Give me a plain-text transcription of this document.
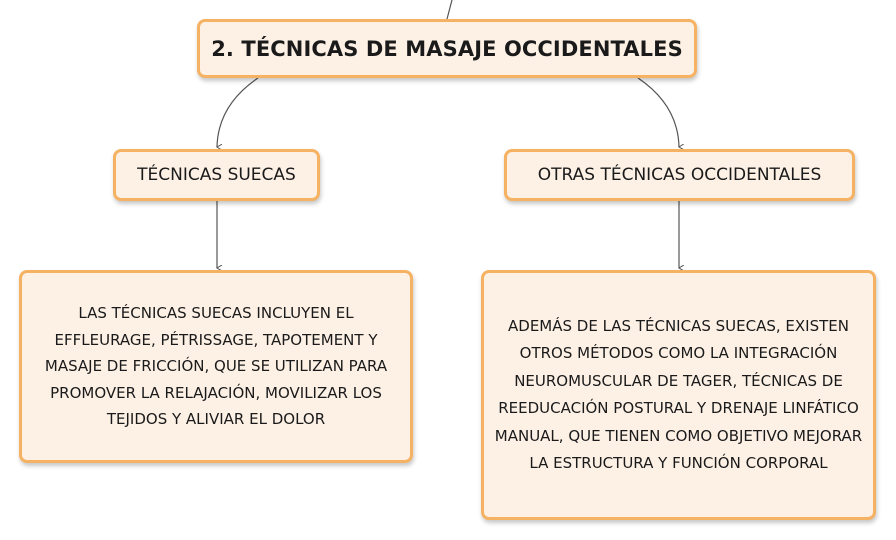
2. TÉCNICAS DE MASAJE OCCIDENTALES
TÉCNICAS SUECAS	OTRAS TÉCNICAS OCCIDENTALES
LAS TÉCNICAS SUECAS INCLUYEN EL EFFLEURAGE, PÉTRISSAGE, TAPOTEMENT Y MASAJE DE FRICCIÓN, QUE SE UTILIZAN PARA PROMOVER LA RELAJACIÓN, MOVILIZAR LOS TEJIDOS Y ALIVIAR EL DOLOR
ADEMÁS DE LAS TÉCNICAS SUECAS, EXISTEN OTROS MÉTODOS COMO LA INTEGRACIÓN NEUROMUSCULAR DE TAGER, TÉCNICAS DE REEDUCACIÓN POSTURAL Y DRENAJE LINFÁTICO MANUAL, QUE TIENEN COMO OBJETIVO MEJORAR LA ESTRUCTURA Y FUNCIÓN CORPORAL
